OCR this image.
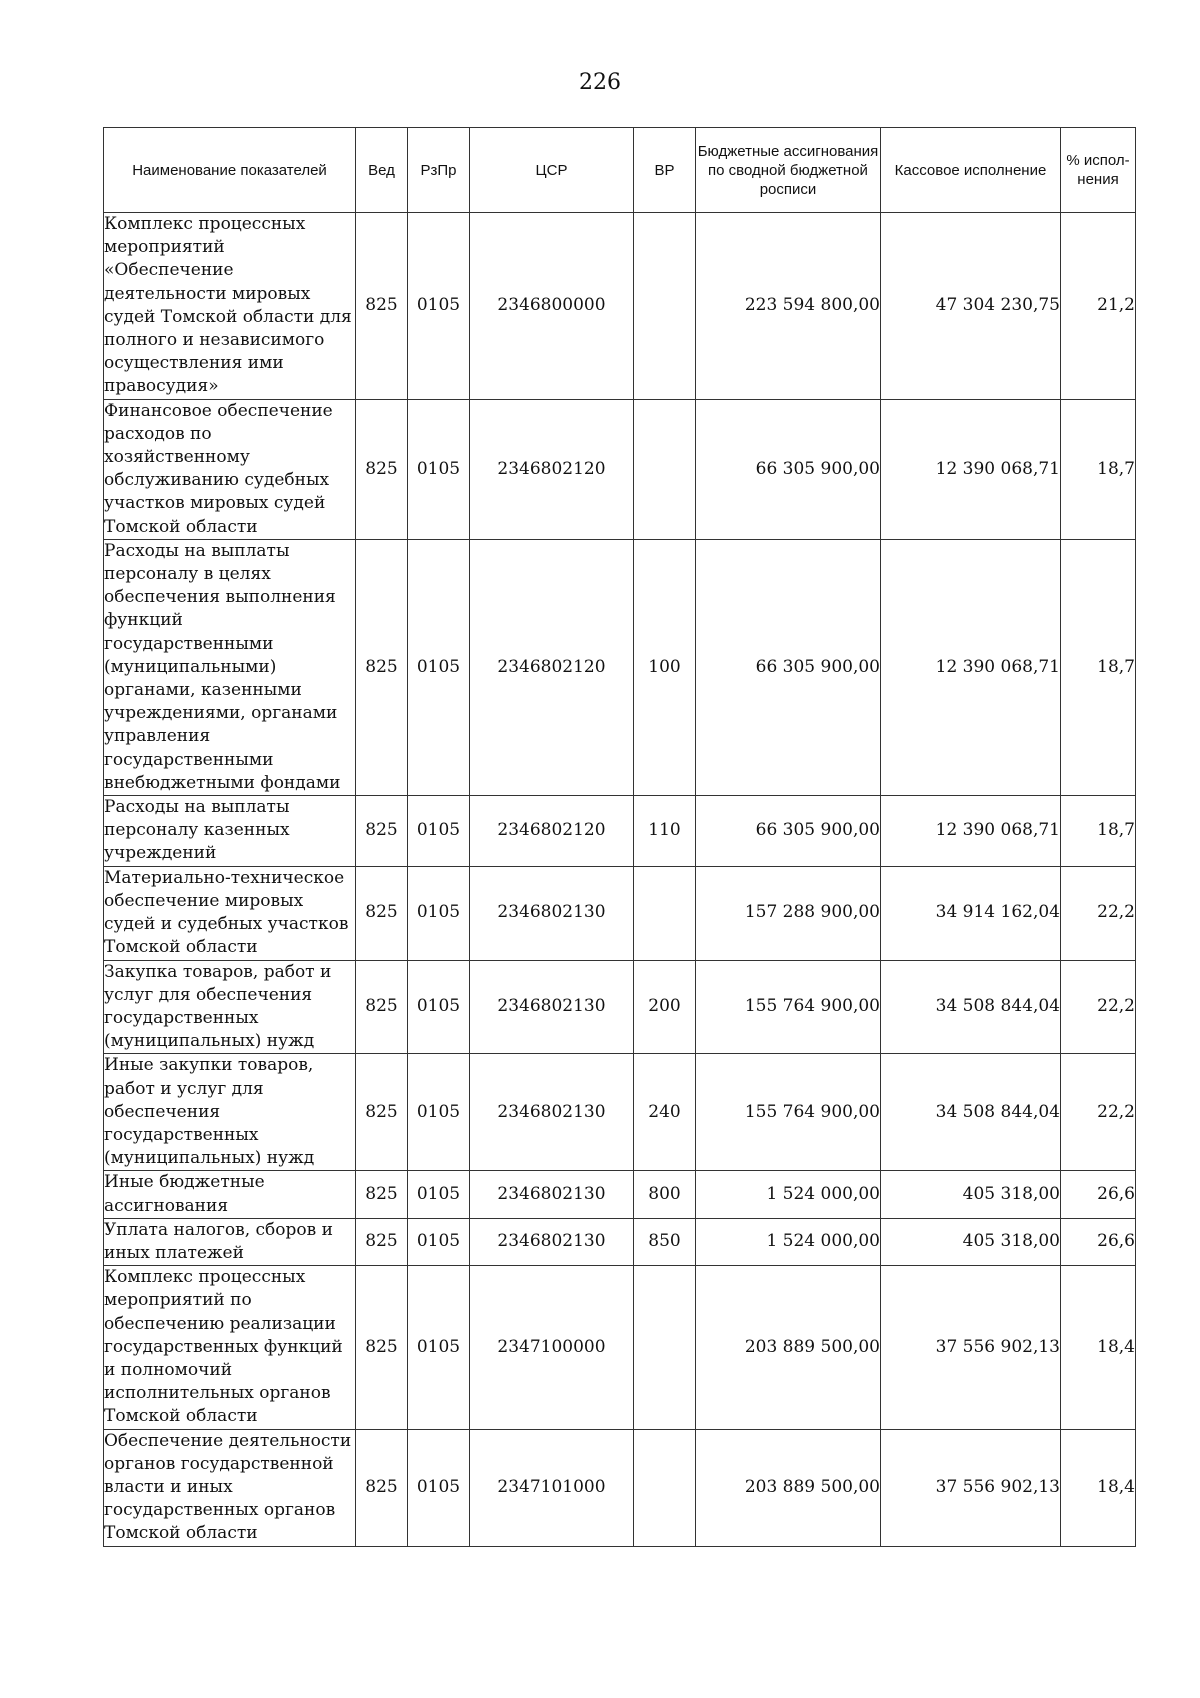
226
Наименование показателей	Вед	РзПр	ЦСР	ВР	Бюджетные ассигнования по сводной бюджетной росписи	Кассовое исполнение	% испол-нения
Комплекс процессных мероприятий «Обеспечение деятельности мировых судей Томской области для полного и независимого осуществления ими правосудия»	825	0105	2346800000		223 594 800,00	47 304 230,75	21,2
Финансовое обеспечение расходов по хозяйственному обслуживанию судебных участков мировых судей Томской области	825	0105	2346802120		66 305 900,00	12 390 068,71	18,7
Расходы на выплаты персоналу в целях обеспечения выполнения функций государственными (муниципальными) органами, казенными учреждениями, органами управления государственными внебюджетными фондами	825	0105	2346802120	100	66 305 900,00	12 390 068,71	18,7
Расходы на выплаты персоналу казенных учреждений	825	0105	2346802120	110	66 305 900,00	12 390 068,71	18,7
Материально-техническое обеспечение мировых судей и судебных участков Томской области	825	0105	2346802130		157 288 900,00	34 914 162,04	22,2
Закупка товаров, работ и услуг для обеспечения государственных (муниципальных) нужд	825	0105	2346802130	200	155 764 900,00	34 508 844,04	22,2
Иные закупки товаров, работ и услуг для обеспечения государственных (муниципальных) нужд	825	0105	2346802130	240	155 764 900,00	34 508 844,04	22,2
Иные бюджетные ассигнования	825	0105	2346802130	800	1 524 000,00	405 318,00	26,6
Уплата налогов, сборов и иных платежей	825	0105	2346802130	850	1 524 000,00	405 318,00	26,6
Комплекс процессных мероприятий по обеспечению реализации государственных функций и полномочий исполнительных органов Томской области	825	0105	2347100000		203 889 500,00	37 556 902,13	18,4
Обеспечение деятельности органов государственной власти и иных государственных органов Томской области	825	0105	2347101000		203 889 500,00	37 556 902,13	18,4
